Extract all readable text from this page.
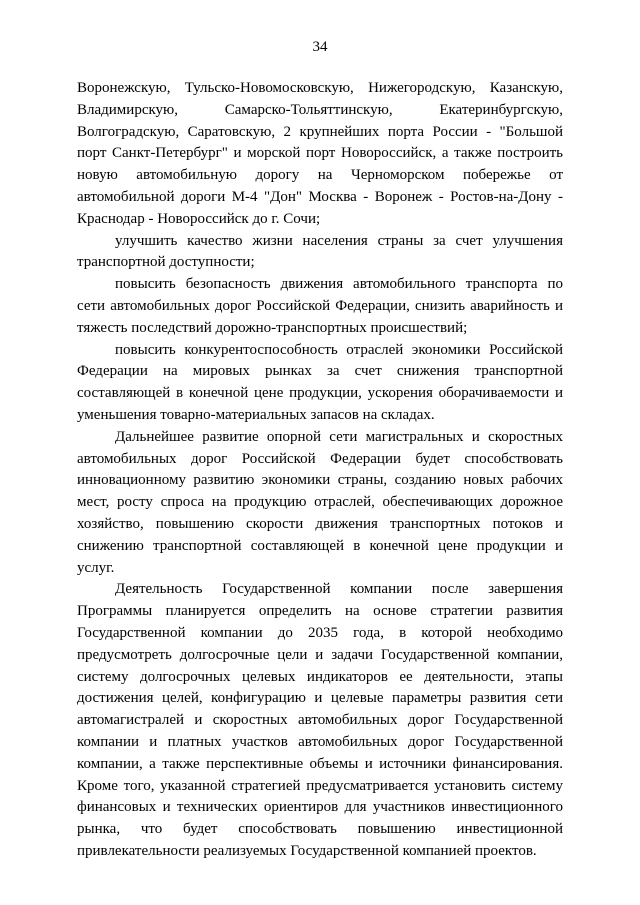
34

Воронежскую, Тульско-Новомосковскую, Нижегородскую, Казанскую, Владимирскую, Самарско-Тольяттинскую, Екатеринбургскую, Волгоградскую, Саратовскую, 2 крупнейших порта России - "Большой порт Санкт-Петербург" и морской порт Новороссийск, а также построить новую автомобильную дорогу на Черноморском побережье от автомобильной дороги М-4 "Дон" Москва - Воронеж - Ростов-на-Дону - Краснодар - Новороссийск до г. Сочи;

улучшить качество жизни населения страны за счет улучшения транспортной доступности;

повысить безопасность движения автомобильного транспорта по сети автомобильных дорог Российской Федерации, снизить аварийность и тяжесть последствий дорожно-транспортных происшествий;

повысить конкурентоспособность отраслей экономики Российской Федерации на мировых рынках за счет снижения транспортной составляющей в конечной цене продукции, ускорения оборачиваемости и уменьшения товарно-материальных запасов на складах.

Дальнейшее развитие опорной сети магистральных и скоростных автомобильных дорог Российской Федерации будет способствовать инновационному развитию экономики страны, созданию новых рабочих мест, росту спроса на продукцию отраслей, обеспечивающих дорожное хозяйство, повышению скорости движения транспортных потоков и снижению транспортной составляющей в конечной цене продукции и услуг.

Деятельность Государственной компании после завершения Программы планируется определить на основе стратегии развития Государственной компании до 2035 года, в которой необходимо предусмотреть долгосрочные цели и задачи Государственной компании, систему долгосрочных целевых индикаторов ее деятельности, этапы достижения целей, конфигурацию и целевые параметры развития сети автомагистралей и скоростных автомобильных дорог Государственной компании и платных участков автомобильных дорог Государственной компании, а также перспективные объемы и источники финансирования. Кроме того, указанной стратегией предусматривается установить систему финансовых и технических ориентиров для участников инвестиционного рынка, что будет способствовать повышению инвестиционной привлекательности реализуемых Государственной компанией проектов.
